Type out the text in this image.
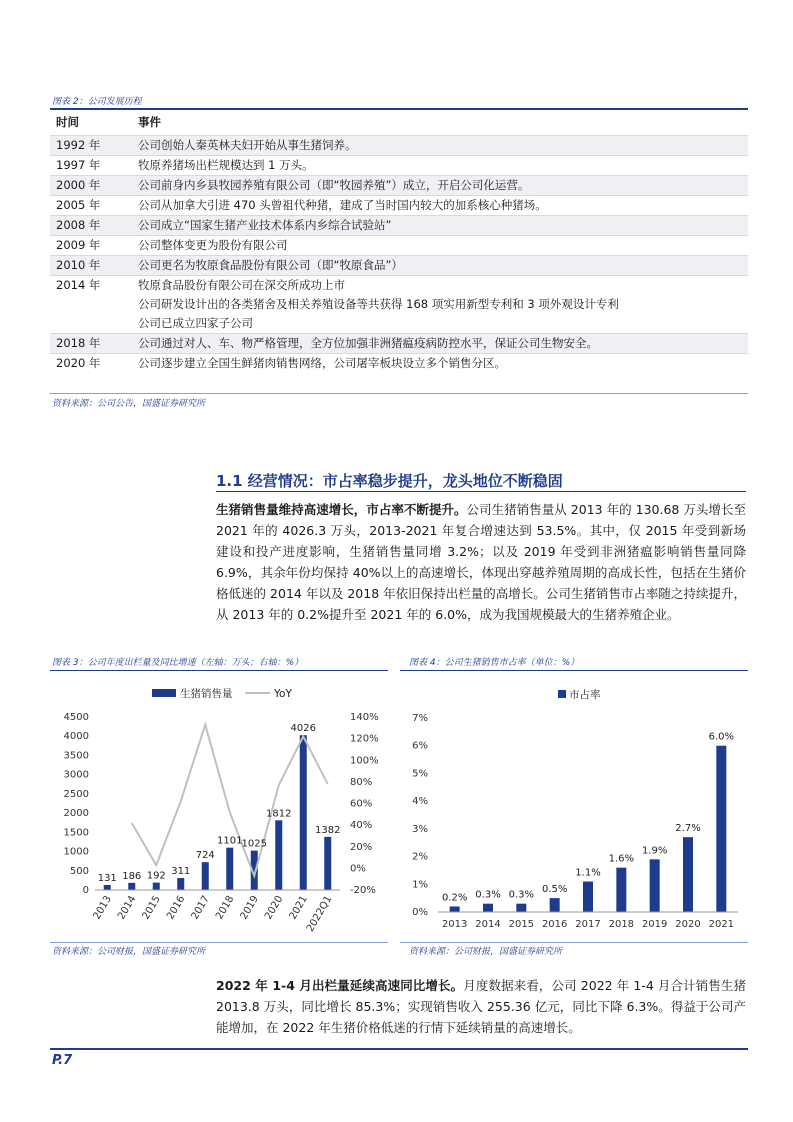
图表 2：公司发展历程
时间	事件
1992 年	公司创始人秦英林夫妇开始从事生猪饲养。

1997 年	牧原养猪场出栏规模达到 1 万头。

2000 年	公司前身内乡县牧园养殖有限公司（即“牧园养殖”）成立，开启公司化运营。

2005 年	公司从加拿大引进 470 头曾祖代种猪，建成了当时国内较大的加系核心种猪场。

2008 年	公司成立“国家生猪产业技术体系内乡综合试验站”

2009 年	公司整体变更为股份有限公司

2010 年	公司更名为牧原食品股份有限公司（即“牧原食品”）

2014 年	牧原食品股份有限公司在深交所成功上市
公司研发设计出的各类猪舍及相关养殖设备等共获得 168 项实用新型专利和 3 项外观设计专利
公司已成立四家子公司

2018 年	公司通过对人、车、物严格管理，全方位加强非洲猪瘟疫病防控水平，保证公司生物安全。

2020 年	公司逐步建立全国生鲜猪肉销售网络，公司屠宰板块设立多个销售分区。
资料来源：公司公告，国盛证券研究所
1.1 经营情况：市占率稳步提升，龙头地位不断稳固
生猪销售量维持高速增长，市占率不断提升。公司生猪销售量从 2013 年的 130.68 万头增长至 2021 年的 4026.3 万头，2013-2021 年复合增速达到 53.5%。其中，仅 2015 年受到新场建设和投产进度影响，生猪销售量同增 3.2%；以及 2019 年受到非洲猪瘟影响销售量同降 6.9%，其余年份均保持 40%以上的高速增长，体现出穿越养殖周期的高成长性，包括在生猪价格低迷的 2014 年以及 2018 年依旧保持出栏量的高增长。公司生猪销售市占率随之持续提升，从 2013 年的 0.2%提升至 2021 年的 6.0%，成为我国规模最大的生猪养殖企业。
图表 3：公司年度出栏量及同比增速（左轴：万头；右轴：%）	图表 4：公司生猪销售市占率（单位：%）
生猪销售量	YoY
0
500
1000
1500
2000
2500
3000
3500
4000
4500
-20%
0%
20%
40%
60%
80%
100%
120%
140%
131 186 192 311
724
1101 1025
1812
4026
1382
2013 2014 2015 2016 2017 2018 2019 2020 2021
2022Q1
市占率
0%
1%
2%
3%
4%
5%
6%
7%
0.2% 0.3% 0.3%
0.5%
1.1%
1.6%
1.9%
2.7%
6.0%
2013 2014 2015 2016 2017 2018 2019 2020 2021
资料来源：公司财报，国盛证券研究所	资料来源：公司财报，国盛证券研究所
2022 年 1-4 月出栏量延续高速同比增长。月度数据来看，公司 2022 年 1-4 月合计销售生猪 2013.8 万头，同比增长 85.3%；实现销售收入 255.36 亿元，同比下降 6.3%。得益于公司产能增加，在 2022 年生猪价格低迷的行情下延续销量的高速增长。
P.7
